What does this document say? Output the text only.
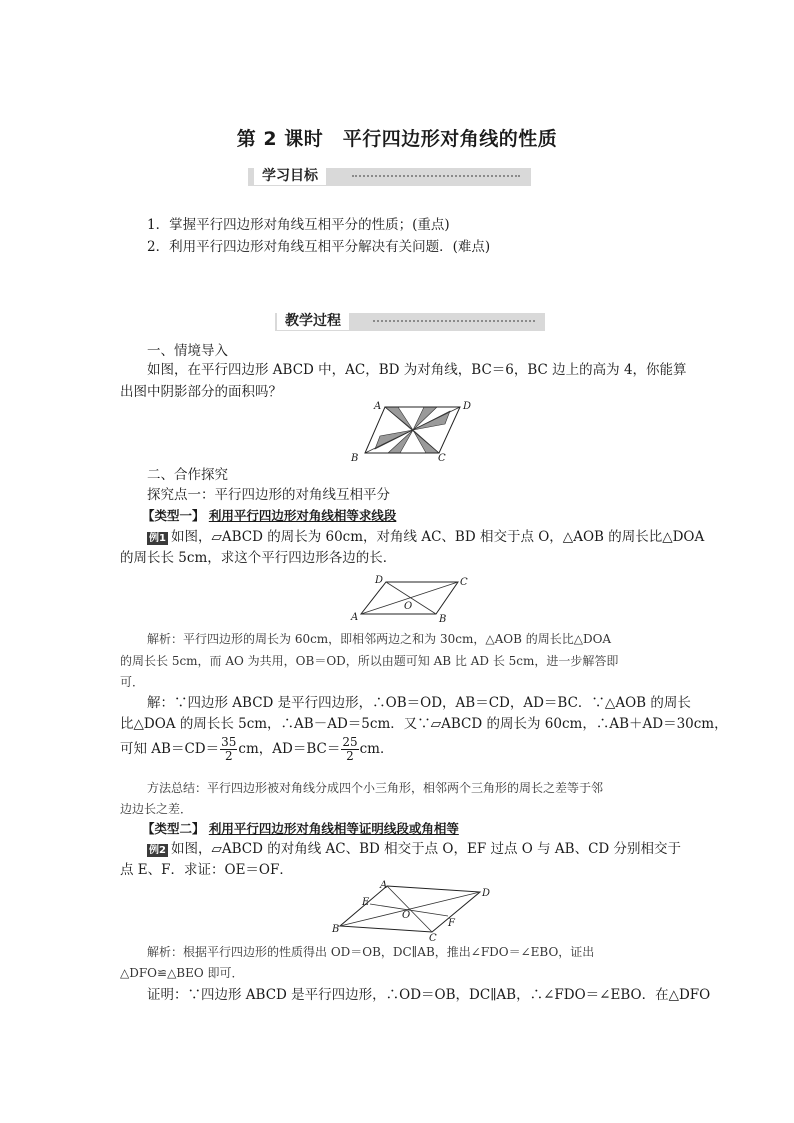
第 2 课时　平行四边形对角线的性质
学习目标
1．掌握平行四边形对角线互相平分的性质；(重点)
2．利用平行四边形对角线互相平分解决有关问题．(难点)
教学过程
一、情境导入
如图，在平行四边形 ABCD 中，AC，BD 为对角线，BC＝6，BC 边上的高为 4，你能算
出图中阴影部分的面积吗？
A	D
B	C
二、合作探究
探究点一：平行四边形的对角线互相平分
【类型一】 利用平行四边形对角线相等求线段
例1 如图，▱ABCD 的周长为 60cm，对角线 AC、BD 相交于点 O，△AOB 的周长比△DOA
的周长长 5cm，求这个平行四边形各边的长．
D	C
A	B
O
解析：平行四边形的周长为 60cm，即相邻两边之和为 30cm，△AOB 的周长比△DOA
的周长长 5cm，而 AO 为共用，OB＝OD，所以由题可知 AB 比 AD 长 5cm，进一步解答即
可．
解：∵四边形 ABCD 是平行四边形，∴OB＝OD，AB＝CD，AD＝BC．∵△AOB 的周长
比△DOA 的周长长 5cm，∴AB－AD＝5cm．又∵▱ABCD 的周长为 60cm，∴AB＋AD＝30cm，
可知 $AB=CD= \frac{35}{2}$ cm，$AD=BC= \frac{25}{2}$ cm．
方法总结：平行四边形被对角线分成四个小三角形，相邻两个三角形的周长之差等于邻
边边长之差．
【类型二】 利用平行四边形对角线相等证明线段或角相等
例2 如图，▱ABCD 的对角线 AC、BD 相交于点 O，EF 过点 O 与 AB、CD 分别相交于
点 E、F．求证：OE＝OF．
A
D
E
F
O
B
C
解析：根据平行四边形的性质得出 OD＝OB，DC∥AB，推出∠FDO＝∠EBO，证出
△DFO≌△BEO 即可．
证明：∵四边形 ABCD 是平行四边形，∴OD＝OB，DC∥AB，∴∠FDO＝∠EBO．在△DFO
